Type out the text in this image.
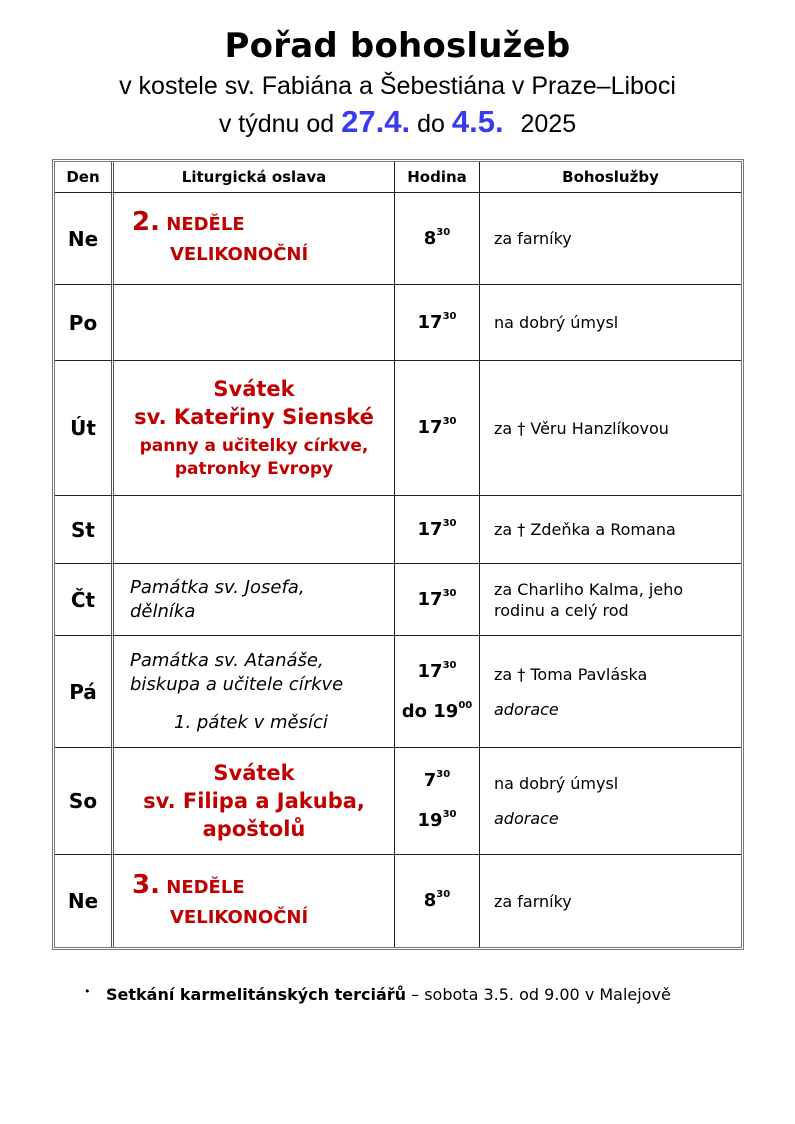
Pořad bohoslužeb
v kostele sv. Fabiána a Šebestiána v Praze–Liboci
v týdnu od 27.4. do 4.5. 2025
Den	Liturgická oslava	Hodina	Bohoslužby
Ne	2. NEDĚLE
VELIKONOČNÍ	$8^{30}$	za farníky

Po		$17^{30}$	na dobrý úmysl

Út	Svátek
sv. Kateřiny Sienské
panny a učitelky církve,
patronky Evropy	$17^{30}$	za † Věru Hanzlíkovou

St		$17^{30}$	za † Zdeňka a Romana

Čt	Památka sv. Josefa,
dělníka	$17^{30}$	za Charliho Kalma, jeho rodinu a celý rod

Pá	Památka sv. Atanáše,
biskupa a učitele církve
1. pátek v měsíci	$17^{30}$
do $19^{00}$	za † Toma Pavláska
adorace

So	Svátek
sv. Filipa a Jakuba,
apoštolů	$7^{30}$
$19^{30}$	na dobrý úmysl
adorace

Ne	3. NEDĚLE
VELIKONOČNÍ	$8^{30}$	za farníky
• Setkání karmelitánských terciářů – sobota 3.5. od 9.00 v Malejově
